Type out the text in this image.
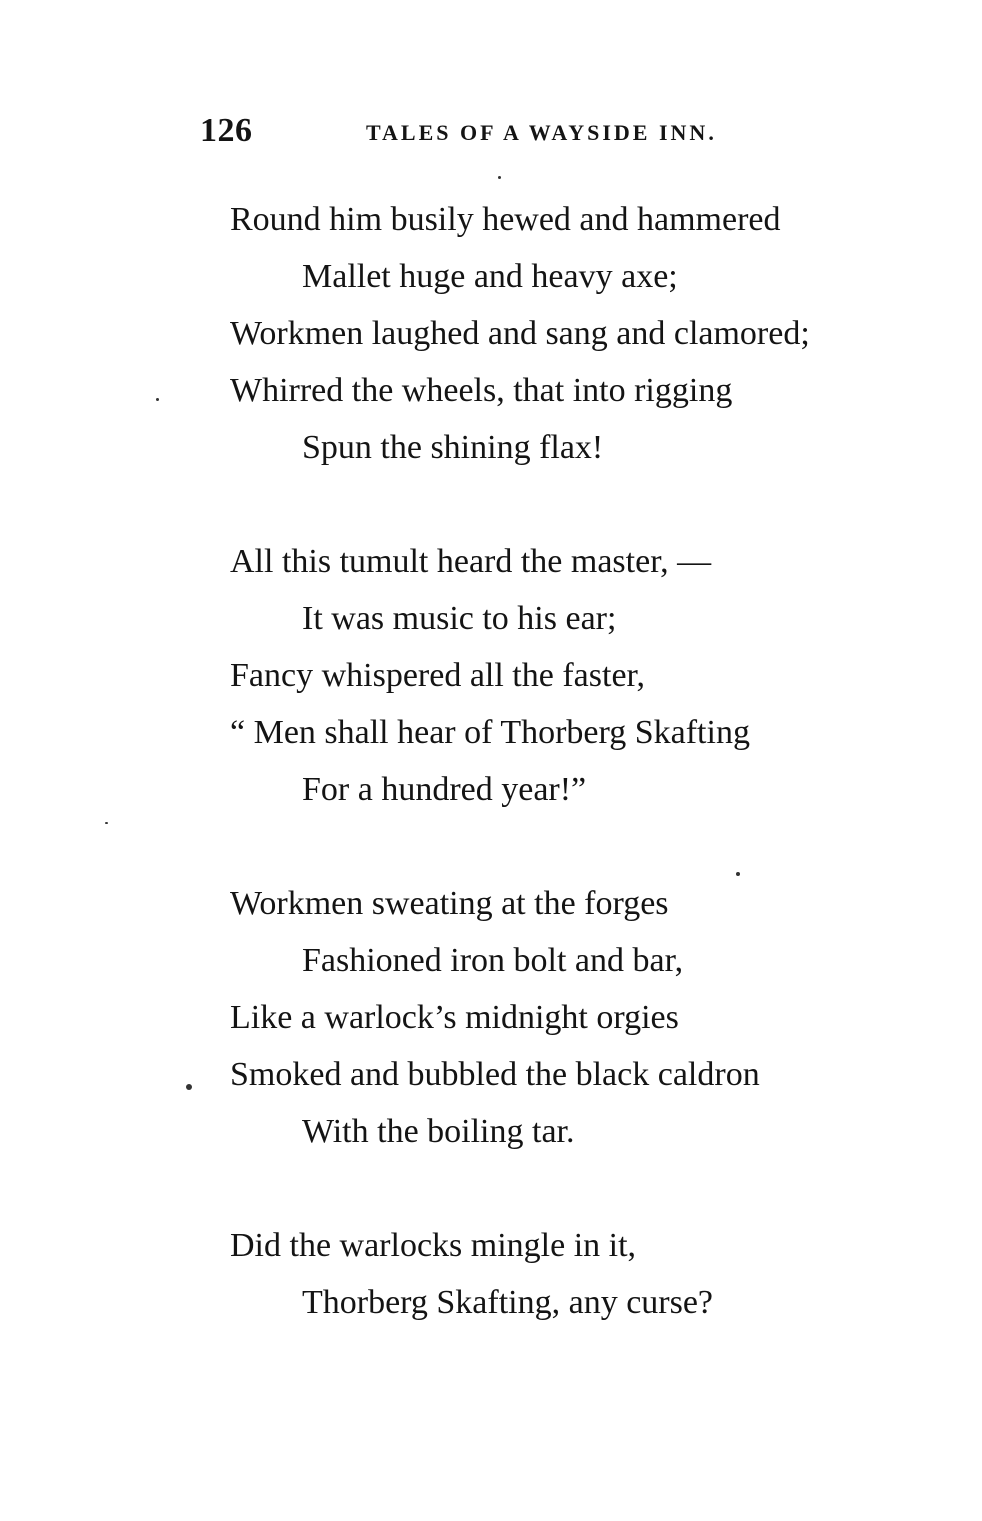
126	TALES OF A WAYSIDE INN.
Round him busily hewed and hammered
Mallet huge and heavy axe;
Workmen laughed and sang and clamored;
Whirred the wheels, that into rigging
Spun the shining flax!
All this tumult heard the master, —
It was music to his ear;
Fancy whispered all the faster,
“ Men shall hear of Thorberg Skafting
For a hundred year!”
Workmen sweating at the forges
Fashioned iron bolt and bar,
Like a warlock’s midnight orgies
Smoked and bubbled the black caldron
With the boiling tar.
Did the warlocks mingle in it,
Thorberg Skafting, any curse?
